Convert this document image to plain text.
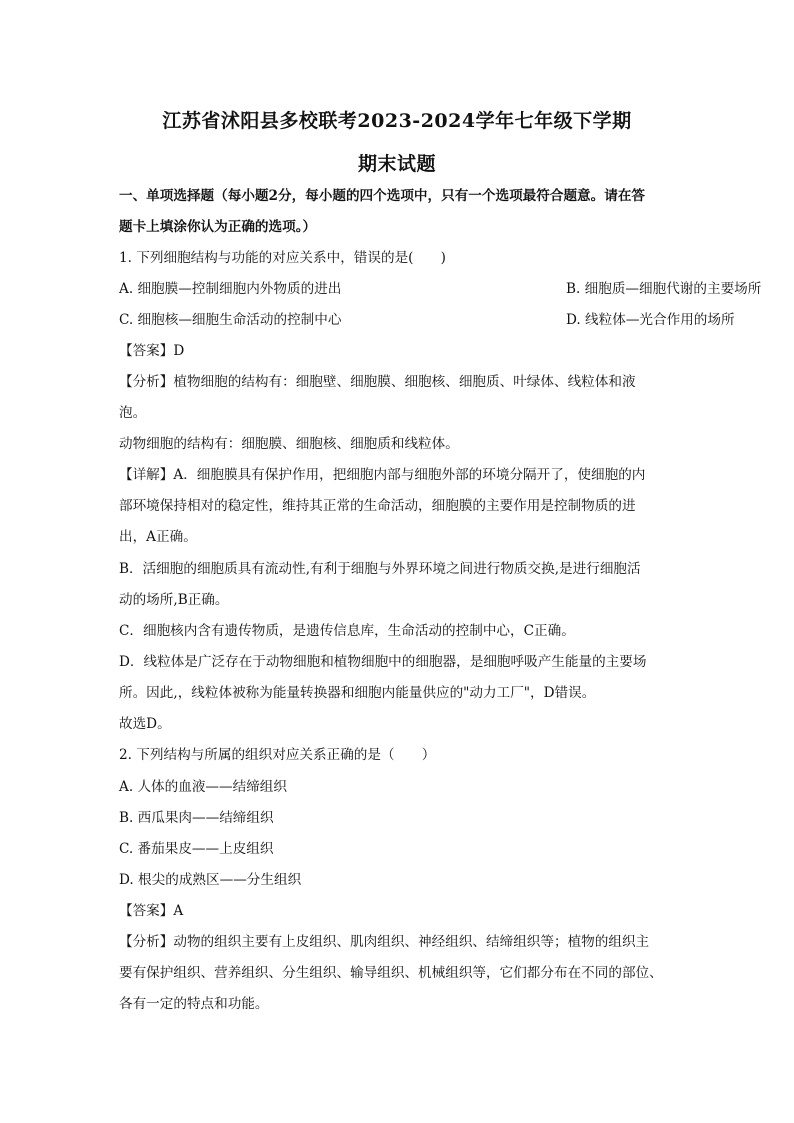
江苏省沭阳县多校联考2023-2024学年七年级下学期
期末试题
一、单项选择题（每小题2分，每小题的四个选项中，只有一个选项最符合题意。请在答
题卡上填涂你认为正确的选项。）
1. 下列细胞结构与功能的对应关系中，错误的是(　　)
A. 细胞膜—控制细胞内外物质的进出	B. 细胞质—细胞代谢的主要场所
C. 细胞核—细胞生命活动的控制中心	D. 线粒体—光合作用的场所
【答案】D
【分析】植物细胞的结构有：细胞壁、细胞膜、细胞核、细胞质、叶绿体、线粒体和液
泡。
动物细胞的结构有：细胞膜、细胞核、细胞质和线粒体。
【详解】A．细胞膜具有保护作用，把细胞内部与细胞外部的环境分隔开了，使细胞的内
部环境保持相对的稳定性，维持其正常的生命活动，细胞膜的主要作用是控制物质的进
出，A正确。
B．活细胞的细胞质具有流动性,有利于细胞与外界环境之间进行物质交换,是进行细胞活
动的场所,B正确。
C．细胞核内含有遗传物质，是遗传信息库，生命活动的控制中心，C正确。
D．线粒体是广泛存在于动物细胞和植物细胞中的细胞器，是细胞呼吸产生能量的主要场
所。因此,，线粒体被称为能量转换器和细胞内能量供应的"动力工厂"，D错误。
故选D。
2. 下列结构与所属的组织对应关系正确的是（　　）
A. 人体的血液——结缔组织
B. 西瓜果肉——结缔组织
C. 番茄果皮——上皮组织
D. 根尖的成熟区——分生组织
【答案】A
【分析】动物的组织主要有上皮组织、肌肉组织、神经组织、结缔组织等；植物的组织主
要有保护组织、营养组织、分生组织、输导组织、机械组织等，它们都分布在不同的部位、
各有一定的特点和功能。
